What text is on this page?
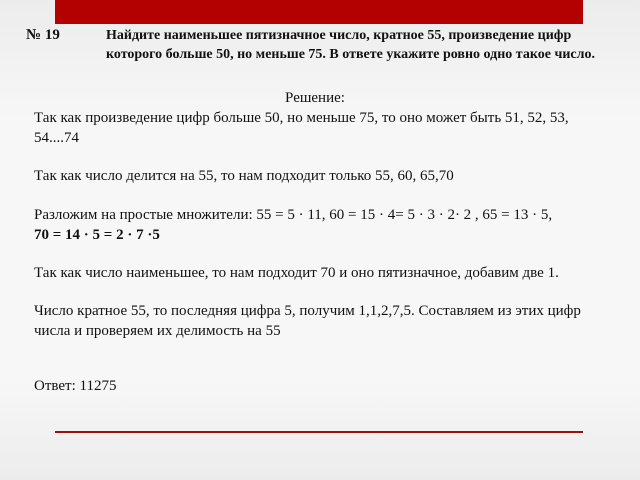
№ 19	Найдите наименьшее пятизначное число, кратное 55, произведение цифр которого больше 50, но меньше 75. В ответе укажите ровно одно такое число.
Решение:
Так как произведение цифр больше 50, но меньше 75, то оно может быть 51, 52, 53, 54....74
Так как число делится на 55, то нам подходит только 55, 60, 65,70
Разложим на простые множители: 55 = 5 · 11, 60 = 15 · 4= 5 · 3 · 2· 2 , 65 = 13 · 5,
70 = 14 · 5 = 2 · 7 ·5
Так как число наименьшее, то нам подходит 70 и оно пятизначное, добавим две 1.
Число кратное 55, то последняя цифра 5, получим 1,1,2,7,5. Составляем из этих цифр числа и проверяем их делимость на 55
Ответ: 11275
